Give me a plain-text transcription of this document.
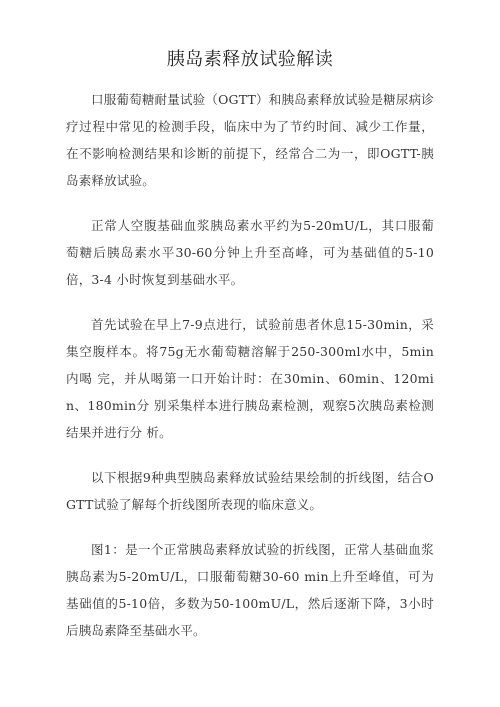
胰岛素释放试验解读

口服葡萄糖耐量试验（OGTT）和胰岛素释放试验是糖尿病诊疗过程中常见的检测手段，临床中为了节约时间、减少工作量，在不影响检测结果和诊断的前提下，经常合二为一，即OGTT-胰岛素释放试验。

正常人空腹基础血浆胰岛素水平约为5-20mU/L，其口服葡萄糖后胰岛素水平30-60分钟上升至高峰，可为基础值的5-10倍，3-4 小时恢复到基础水平。

首先试验在早上7-9点进行，试验前患者休息15-30min，采集空腹样本。将75g无水葡萄糖溶解于250-300ml水中，5min内喝 完，并从喝第一口开始计时：在30min、60min、120min、180min分 别采集样本进行胰岛素检测，观察5次胰岛素检测结果并进行分 析。

以下根据9种典型胰岛素释放试验结果绘制的折线图，结合OGTT试验了解每个折线图所表现的临床意义。

图1：是一个正常胰岛素释放试验的折线图，正常人基础血浆胰岛素为5-20mU/L，口服葡萄糖30-60 min上升至峰值，可为基础值的5-10倍，多数为50-100mU/L，然后逐渐下降，3小时后胰岛素降至基础水平。
